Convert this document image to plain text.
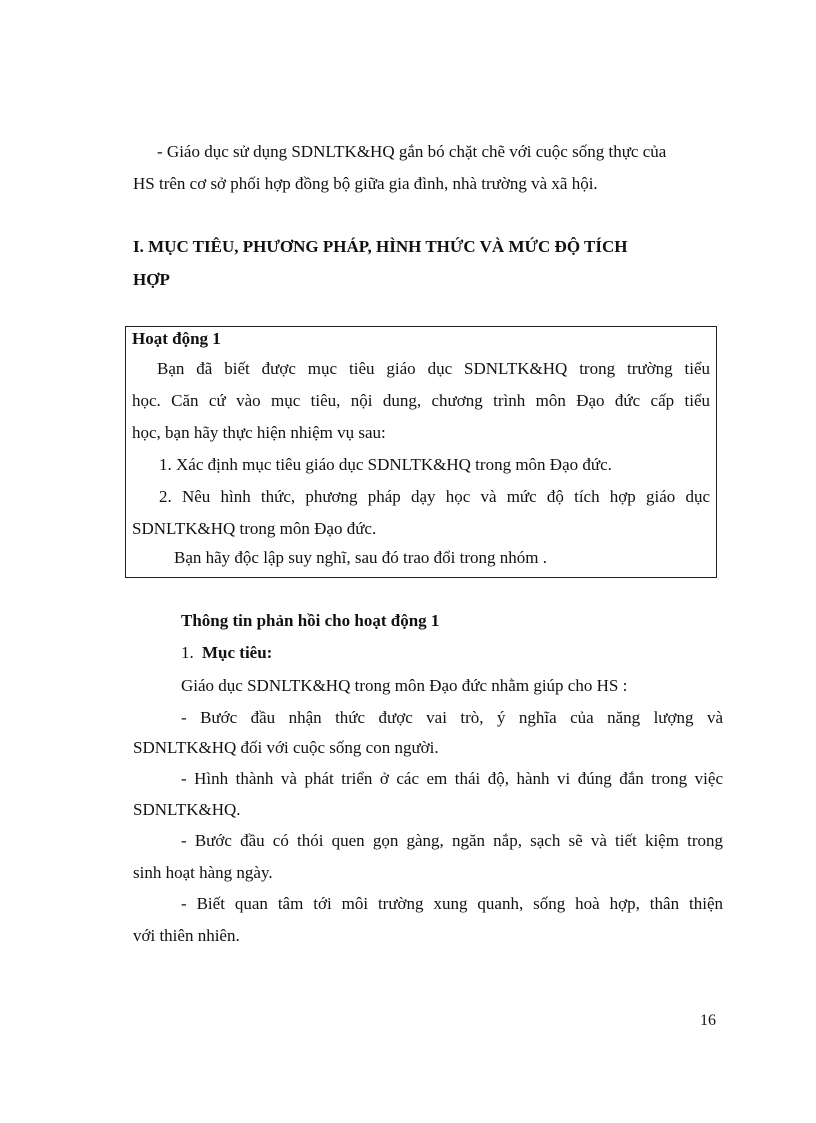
- Giáo dục sử dụng SDNLTK&HQ gắn bó chặt chẽ với cuộc sống thực của
HS trên cơ sở phối hợp đồng bộ giữa gia đình, nhà trường và xã hội.
I. MỤC TIÊU, PHƯƠNG PHÁP, HÌNH THỨC VÀ MỨC ĐỘ TÍCH
HỢP
Hoạt động 1
Bạn đã biết được mục tiêu giáo dục SDNLTK&HQ trong trường tiểu
học. Căn cứ vào mục tiêu, nội dung, chương trình môn Đạo đức cấp tiểu
học, bạn hãy thực hiện nhiệm vụ sau:
1. Xác định mục tiêu giáo dục SDNLTK&HQ trong môn Đạo đức.
2. Nêu hình thức, phương pháp dạy học và mức độ tích hợp giáo dục
SDNLTK&HQ trong môn Đạo đức.
Bạn hãy độc lập suy nghĩ, sau đó trao đổi trong nhóm .
Thông tin phản hồi cho hoạt động 1
1. Mục tiêu:
Giáo dục SDNLTK&HQ trong môn Đạo đức nhằm giúp cho HS :
- Bước đầu nhận thức được vai trò, ý nghĩa của năng lượng và
SDNLTK&HQ đối với cuộc sống con người.
- Hình thành và phát triển ở các em thái độ, hành vi đúng đắn trong việc
SDNLTK&HQ.
- Bước đầu có thói quen gọn gàng, ngăn nắp, sạch sẽ và tiết kiệm trong
sinh hoạt hàng ngày.
- Biết quan tâm tới môi trường xung quanh, sống hoà hợp, thân thiện
với thiên nhiên.
16
